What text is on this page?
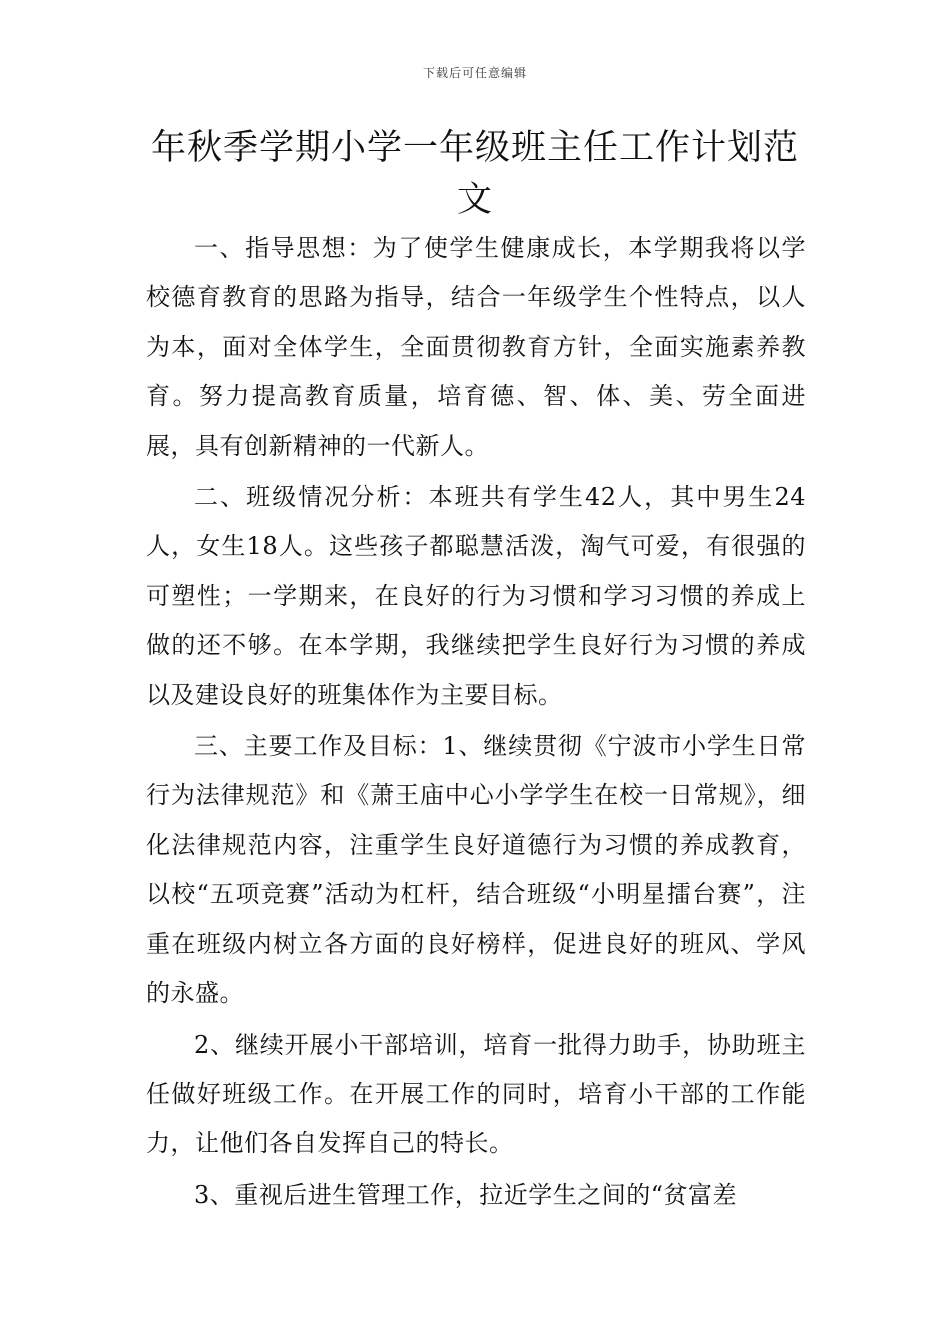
下载后可任意编辑
年秋季学期小学一年级班主任工作计划范文

一、指导思想：为了使学生健康成长，本学期我将以学校德育教育的思路为指导，结合一年级学生个性特点，以人为本，面对全体学生，全面贯彻教育方针，全面实施素养教育。努力提高教育质量，培育德、智、体、美、劳全面进展，具有创新精神的一代新人。

二、班级情况分析：本班共有学生42人，其中男生24人，女生18人。这些孩子都聪慧活泼，淘气可爱，有很强的可塑性；一学期来，在良好的行为习惯和学习习惯的养成上做的还不够。在本学期，我继续把学生良好行为习惯的养成以及建设良好的班集体作为主要目标。

三、主要工作及目标：1、继续贯彻《宁波市小学生日常行为法律规范》和《萧王庙中心小学学生在校一日常规》，细化法律规范内容，注重学生良好道德行为习惯的养成教育，以校“五项竞赛”活动为杠杆，结合班级“小明星擂台赛”，注重在班级内树立各方面的良好榜样，促进良好的班风、学风的永盛。

2、继续开展小干部培训，培育一批得力助手，协助班主任做好班级工作。在开展工作的同时，培育小干部的工作能力，让他们各自发挥自己的特长。

3、重视后进生管理工作，拉近学生之间的“贫富差
